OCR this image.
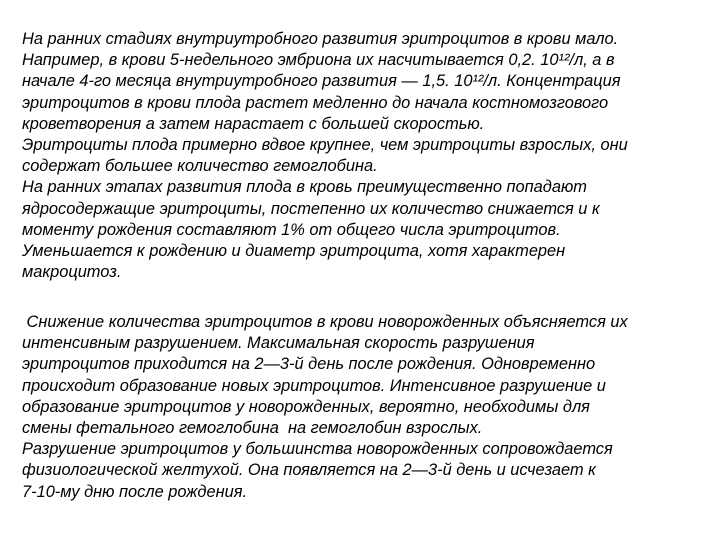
На ранних стадиях внутриутробного развития эритроцитов в крови мало.
Например, в крови 5-недельного эмбриона их насчитывается 0,2. 10¹²/л, а в
начале 4-го месяца внутриутробного развития — 1,5. 10¹²/л. Концентрация
эритроцитов в крови плода растет медленно до начала костномозгового
кроветворения а затем нарастает с большей скоростью.
Эритроциты плода примерно вдвое крупнее, чем эритроциты взрослых, они
содержат большее количество гемоглобина.
На ранних этапах развития плода в кровь преимущественно попадают
ядросодержащие эритроциты, постепенно их количество снижается и к
моменту рождения составляют 1% от общего числа эритроцитов.
Уменьшается к рождению и диаметр эритроцита, хотя характерен
макроцитоз.
Снижение количества эритроцитов в крови новорожденных объясняется их
интенсивным разрушением. Максимальная скорость разрушения
эритроцитов приходится на 2—3-й день после рождения. Одновременно
происходит образование новых эритроцитов. Интенсивное разрушение и
образование эритроцитов у новорожденных, вероятно, необходимы для
смены фетального гемоглобина  на гемоглобин взрослых.
Разрушение эритроцитов у большинства новорожденных сопровождается
физиологической желтухой. Она появляется на 2—3-й день и исчезает к
7-10-му дню после рождения.
